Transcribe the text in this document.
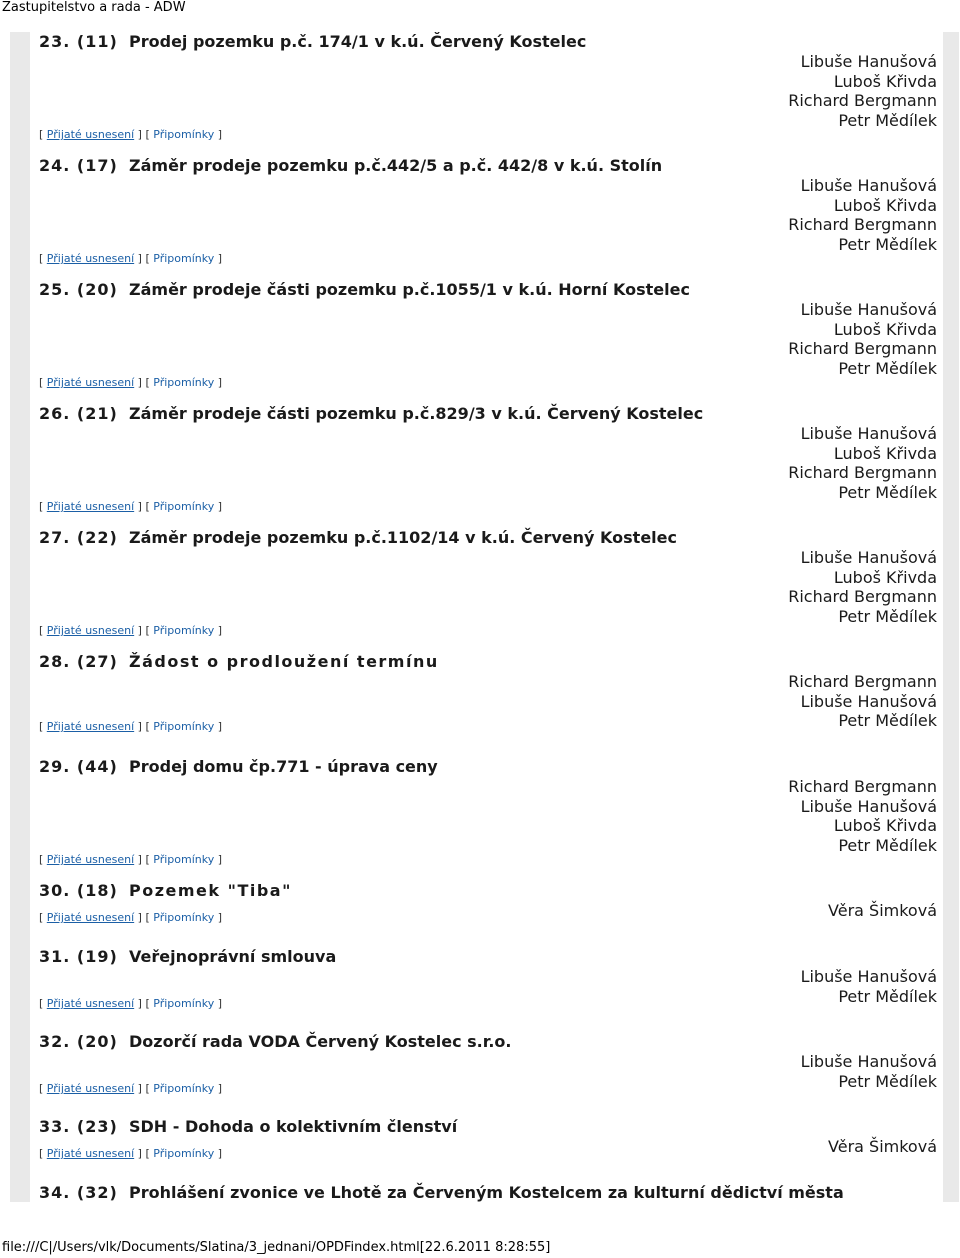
Zastupitelstvo a rada - ADW
23. (11) Prodej pozemku p.č. 174/1 v k.ú. Červený Kostelec
Libuše Hanušová
Luboš Křivda
Richard Bergmann
Petr Mědílek
[ Přijaté usnesení ] [ Připomínky ]
24. (17) Záměr prodeje pozemku p.č.442/5 a p.č. 442/8 v k.ú. Stolín
Libuše Hanušová
Luboš Křivda
Richard Bergmann
Petr Mědílek
[ Přijaté usnesení ] [ Připomínky ]
25. (20) Záměr prodeje části pozemku p.č.1055/1 v k.ú. Horní Kostelec
Libuše Hanušová
Luboš Křivda
Richard Bergmann
Petr Mědílek
[ Přijaté usnesení ] [ Připomínky ]
26. (21) Záměr prodeje části pozemku p.č.829/3 v k.ú. Červený Kostelec
Libuše Hanušová
Luboš Křivda
Richard Bergmann
Petr Mědílek
[ Přijaté usnesení ] [ Připomínky ]
27. (22) Záměr prodeje pozemku p.č.1102/14 v k.ú. Červený Kostelec
Libuše Hanušová
Luboš Křivda
Richard Bergmann
Petr Mědílek
[ Přijaté usnesení ] [ Připomínky ]
28. (27) Žádost o prodloužení termínu
Richard Bergmann
Libuše Hanušová
Petr Mědílek
[ Přijaté usnesení ] [ Připomínky ]
29. (44) Prodej domu čp.771 - úprava ceny
Richard Bergmann
Libuše Hanušová
Luboš Křivda
Petr Mědílek
[ Přijaté usnesení ] [ Připomínky ]
30. (18) Pozemek "Tiba"
Věra Šimková
[ Přijaté usnesení ] [ Připomínky ]
31. (19) Veřejnoprávní smlouva
Libuše Hanušová
Petr Mědílek
[ Přijaté usnesení ] [ Připomínky ]
32. (20) Dozorčí rada VODA Červený Kostelec s.r.o.
Libuše Hanušová
Petr Mědílek
[ Přijaté usnesení ] [ Připomínky ]
33. (23) SDH - Dohoda o kolektivním členství
Věra Šimková
[ Přijaté usnesení ] [ Připomínky ]
34. (32) Prohlášení zvonice ve Lhotě za Červeným Kostelcem za kulturní dědictví města
file:///C|/Users/vlk/Documents/Slatina/3_jednani/OPDFindex.html[22.6.2011 8:28:55]
